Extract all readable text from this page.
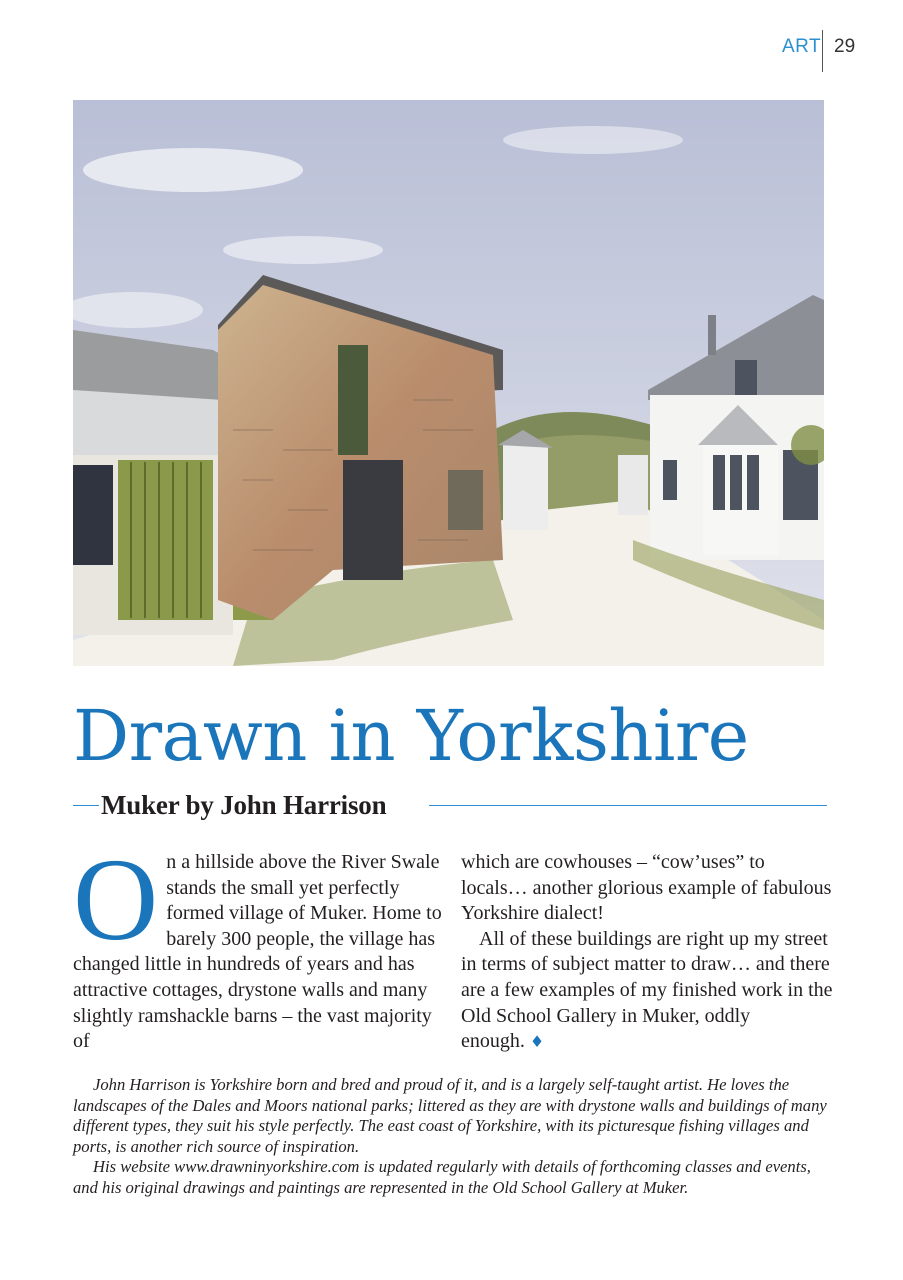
ART 29
Drawn in Yorkshire
Muker by John Harrison
O n a hillside above the River Swale stands the small yet perfectly formed village of Muker. Home to barely 300 people, the village has changed little in hundreds of years and has attractive cottages, drystone walls and many slightly ramshackle barns – the vast majority of

which are cowhouses – “cow’uses” to locals… another glorious example of fabulous Yorkshire dialect!

All of these buildings are right up my street in terms of subject matter to draw… and there are a few examples of my finished work in the Old School Gallery in Muker, oddly enough. ♦

John Harrison is Yorkshire born and bred and proud of it, and is a largely self-taught artist. He loves the landscapes of the Dales and Moors national parks; littered as they are with drystone walls and buildings of many different types, they suit his style perfectly. The east coast of Yorkshire, with its picturesque fishing villages and ports, is another rich source of inspiration.

His website www.drawninyorkshire.com is updated regularly with details of forthcoming classes and events, and his original drawings and paintings are represented in the Old School Gallery at Muker.
